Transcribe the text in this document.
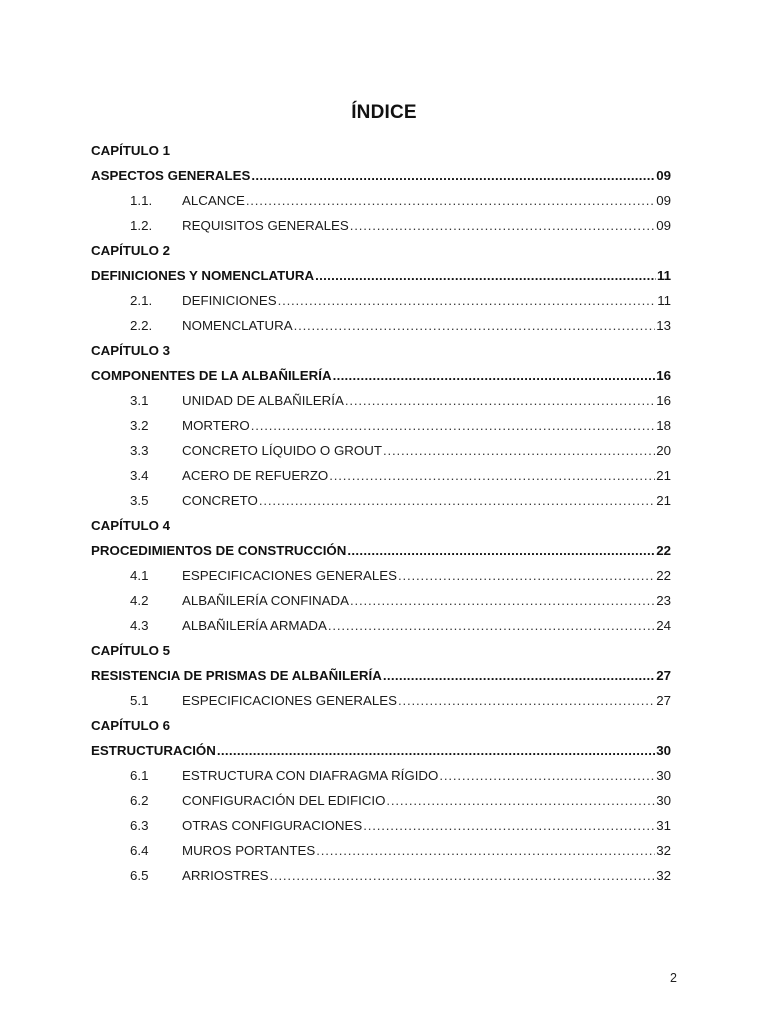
ÍNDICE
CAPÍTULO 1
ASPECTOS GENERALES .....	09
1.1.	ALCANCE .....	09
1.2.	REQUISITOS GENERALES .....	09
CAPÍTULO 2
DEFINICIONES Y NOMENCLATURA .....	11
2.1.	DEFINICIONES .....	11
2.2.	NOMENCLATURA .....	13
CAPÍTULO 3
COMPONENTES DE LA ALBAÑILERÍA .....	16
3.1	UNIDAD DE ALBAÑILERÍA .....	16
3.2	MORTERO .....	18
3.3	CONCRETO LÍQUIDO O GROUT .....	20
3.4	ACERO DE REFUERZO .....	21
3.5	CONCRETO .....	21
CAPÍTULO 4
PROCEDIMIENTOS DE CONSTRUCCIÓN .....	22
4.1	ESPECIFICACIONES GENERALES .....	22
4.2	ALBAÑILERÍA CONFINADA .....	23
4.3	ALBAÑILERÍA ARMADA .....	24
CAPÍTULO 5
RESISTENCIA DE PRISMAS DE ALBAÑILERÍA .....	27
5.1	ESPECIFICACIONES GENERALES .....	27
CAPÍTULO 6
ESTRUCTURACIÓN .....	30
6.1	ESTRUCTURA CON DIAFRAGMA RÍGIDO .....	30
6.2	CONFIGURACIÓN DEL EDIFICIO .....	30
6.3	OTRAS CONFIGURACIONES .....	31
6.4	MUROS PORTANTES .....	32
6.5	ARRIOSTRES .....	32
2
